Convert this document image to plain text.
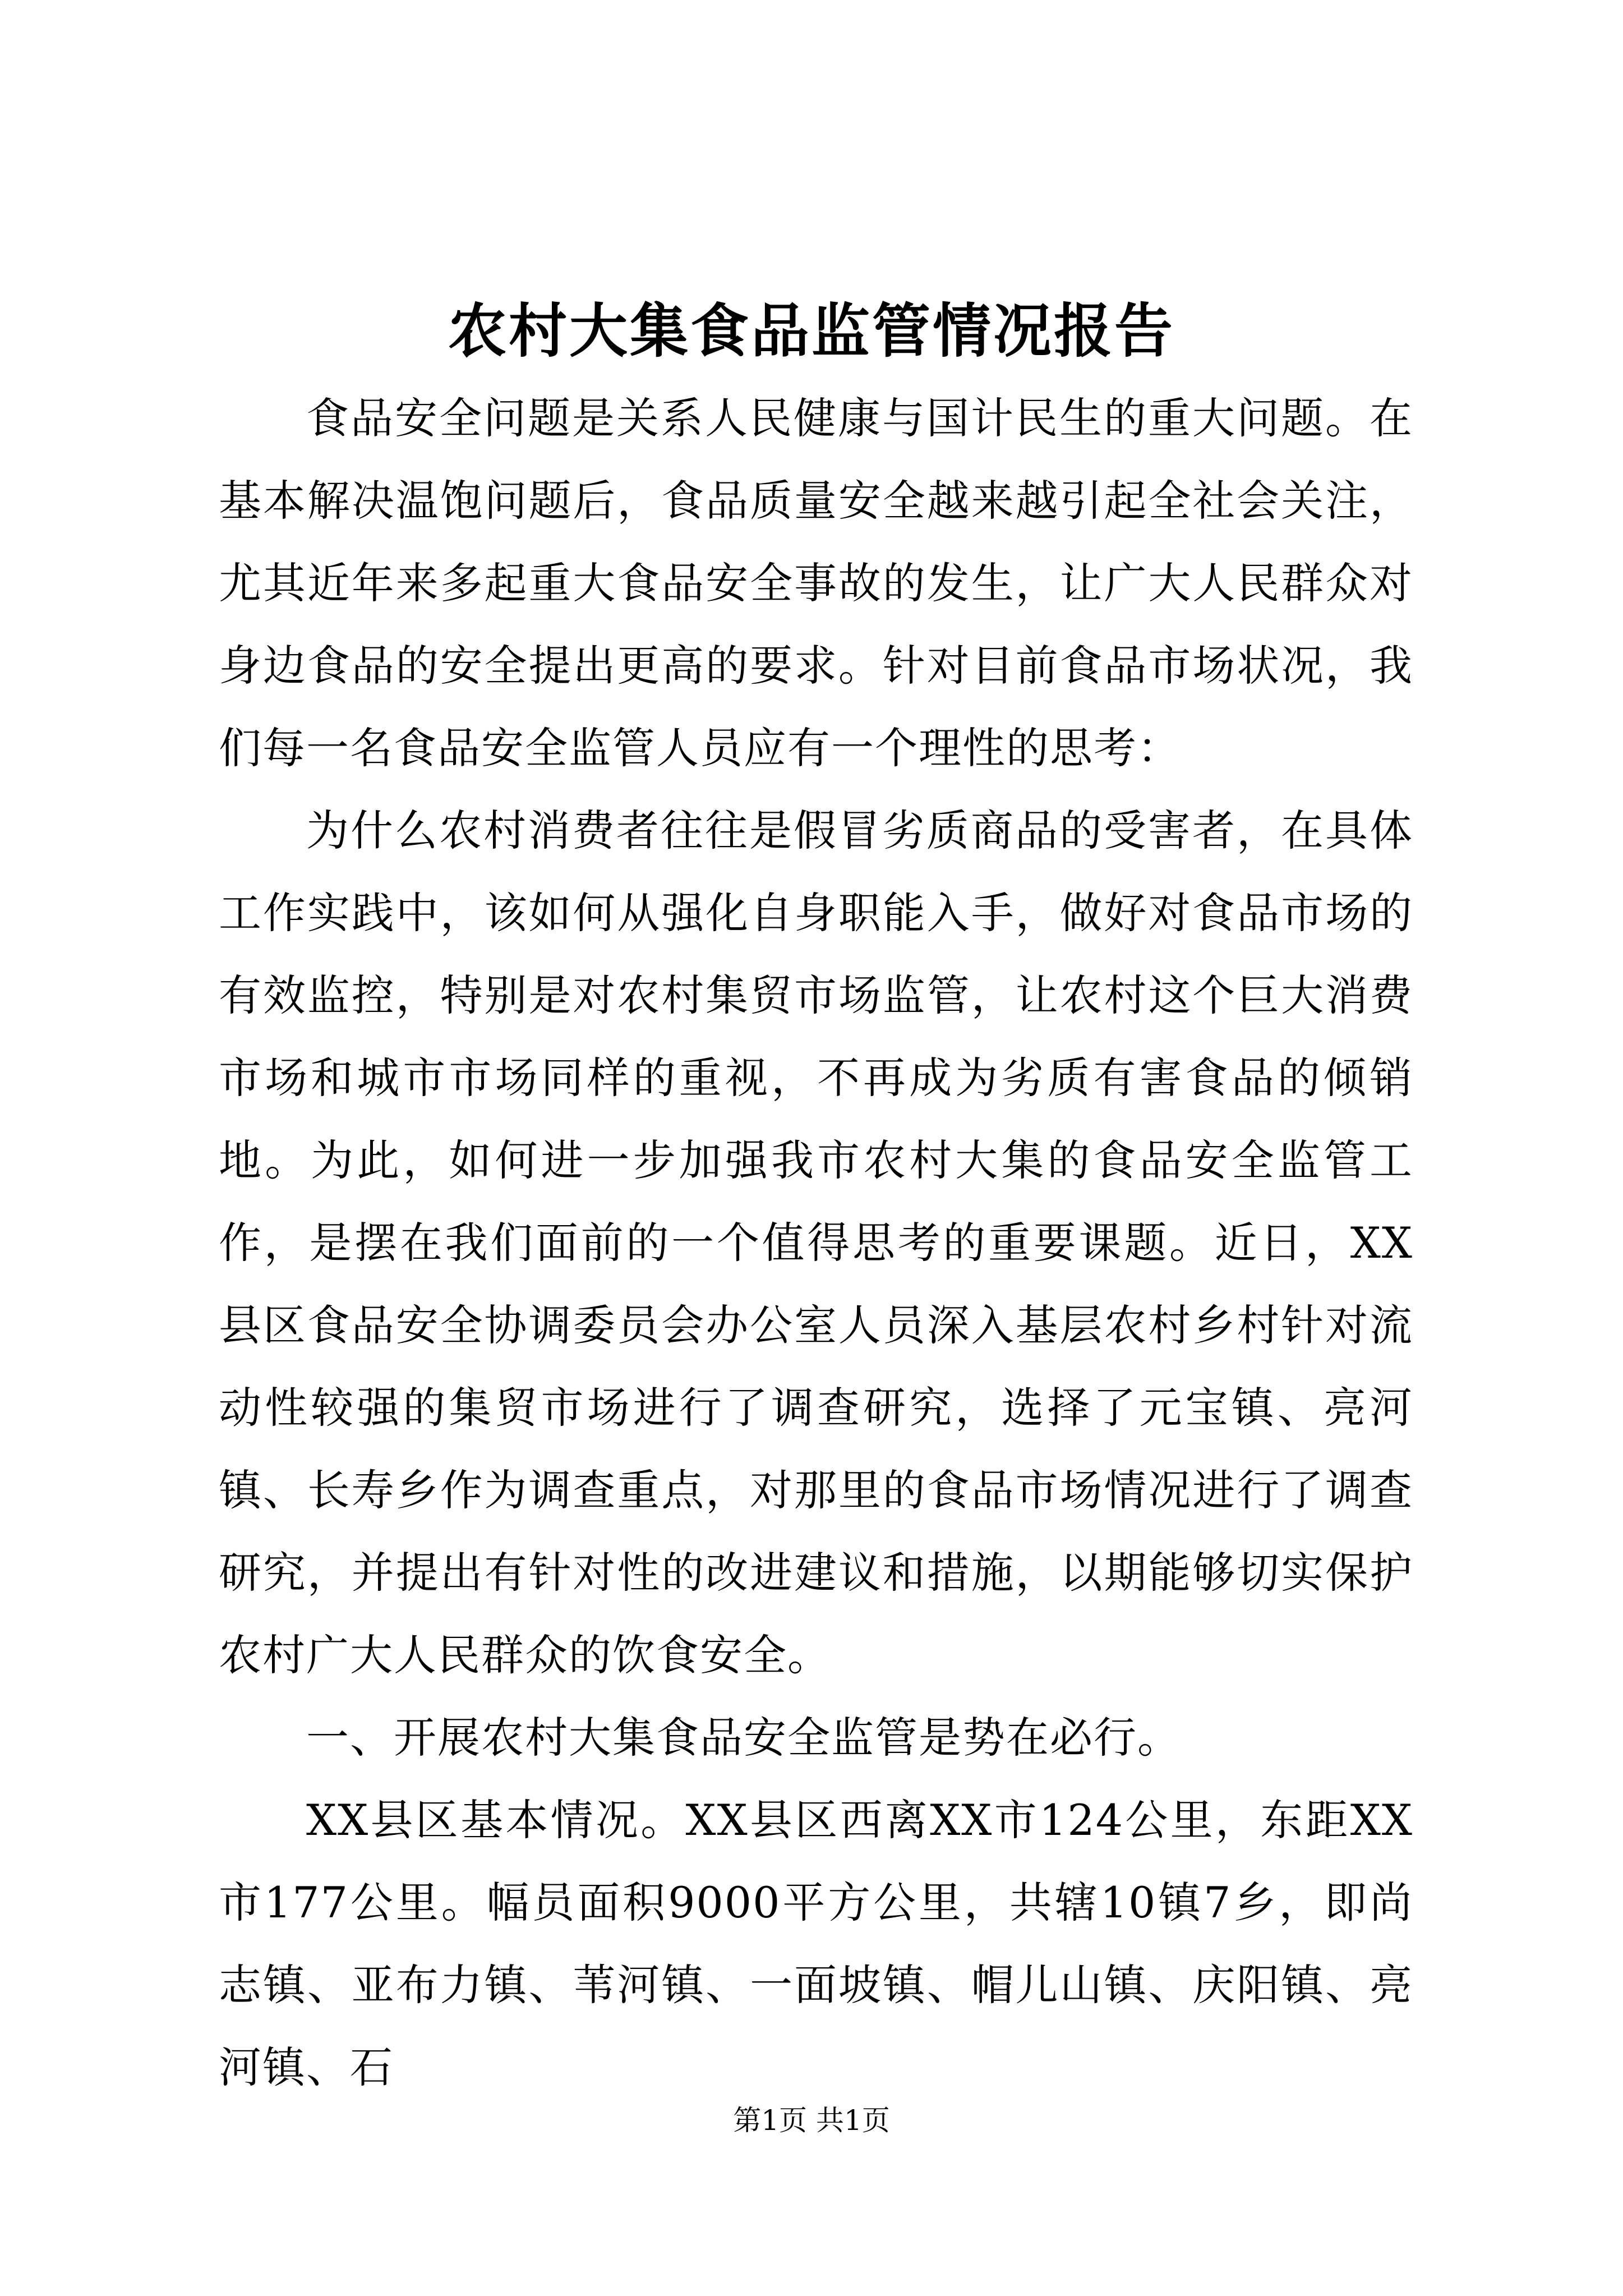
农村大集食品监管情况报告

食品安全问题是关系人民健康与国计民生的重大问题。在基本解决温饱问题后，食品质量安全越来越引起全社会关注，尤其近年来多起重大食品安全事故的发生，让广大人民群众对身边食品的安全提出更高的要求。针对目前食品市场状况，我们每一名食品安全监管人员应有一个理性的思考：

为什么农村消费者往往是假冒劣质商品的受害者，在具体工作实践中，该如何从强化自身职能入手，做好对食品市场的有效监控，特别是对农村集贸市场监管，让农村这个巨大消费市场和城市市场同样的重视，不再成为劣质有害食品的倾销地。为此，如何进一步加强我市农村大集的食品安全监管工作，是摆在我们面前的一个值得思考的重要课题。近日，XX县区食品安全协调委员会办公室人员深入基层农村乡村针对流动性较强的集贸市场进行了调查研究，选择了元宝镇、亮河镇、长寿乡作为调查重点，对那里的食品市场情况进行了调查研究，并提出有针对性的改进建议和措施，以期能够切实保护农村广大人民群众的饮食安全。

一、开展农村大集食品安全监管是势在必行。

XX县区基本情况。XX县区西离XX市124公里，东距XX市177公里。幅员面积9000平方公里，共辖10镇7乡，即尚志镇、亚布力镇、苇河镇、一面坡镇、帽儿山镇、庆阳镇、亮河镇、石

第1页 共1页
